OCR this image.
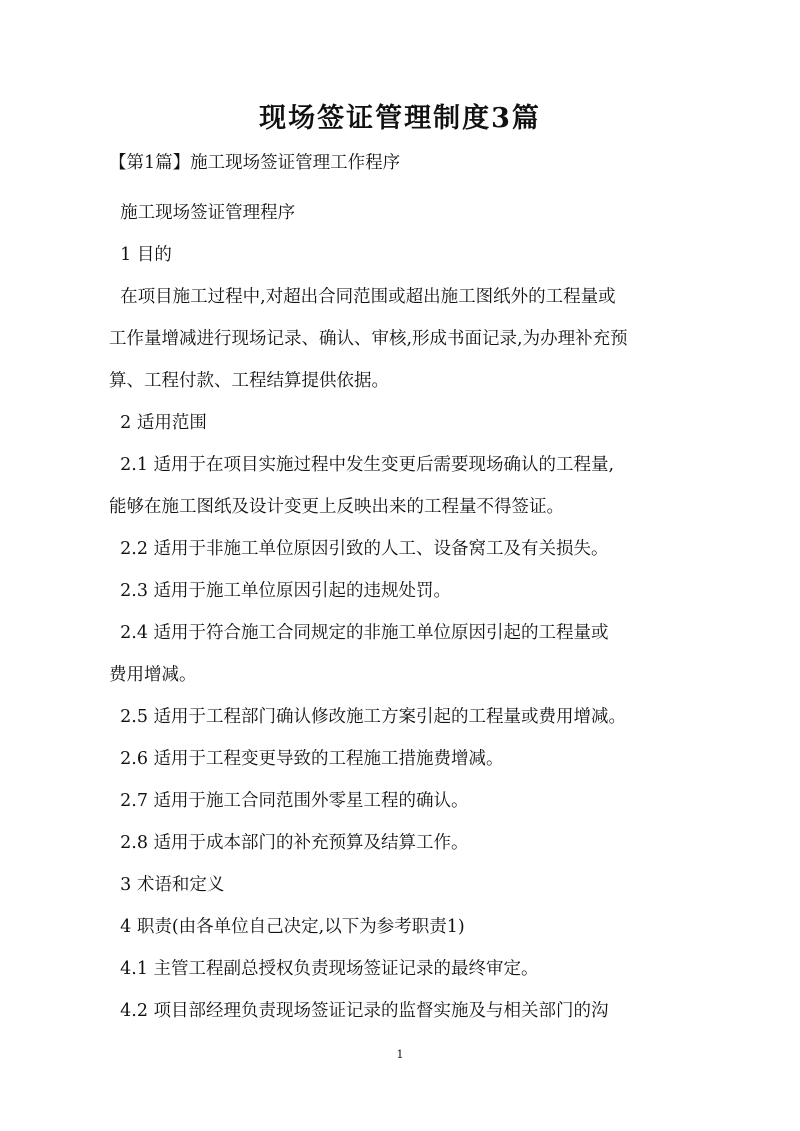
现场签证管理制度3篇

【第1篇】施工现场签证管理工作程序

施工现场签证管理程序

1 目的

在项目施工过程中,对超出合同范围或超出施工图纸外的工程量或

工作量增减进行现场记录、确认、审核,形成书面记录,为办理补充预

算、工程付款、工程结算提供依据。

2 适用范围

2.1 适用于在项目实施过程中发生变更后需要现场确认的工程量,

能够在施工图纸及设计变更上反映出来的工程量不得签证。

2.2 适用于非施工单位原因引致的人工、设备窝工及有关损失。

2.3 适用于施工单位原因引起的违规处罚。

2.4 适用于符合施工合同规定的非施工单位原因引起的工程量或

费用增减。

2.5 适用于工程部门确认修改施工方案引起的工程量或费用增减。

2.6 适用于工程变更导致的工程施工措施费增减。

2.7 适用于施工合同范围外零星工程的确认。

2.8 适用于成本部门的补充预算及结算工作。

3 术语和定义

4 职责(由各单位自己决定,以下为参考职责1)

4.1 主管工程副总授权负责现场签证记录的最终审定。

4.2 项目部经理负责现场签证记录的监督实施及与相关部门的沟

1
